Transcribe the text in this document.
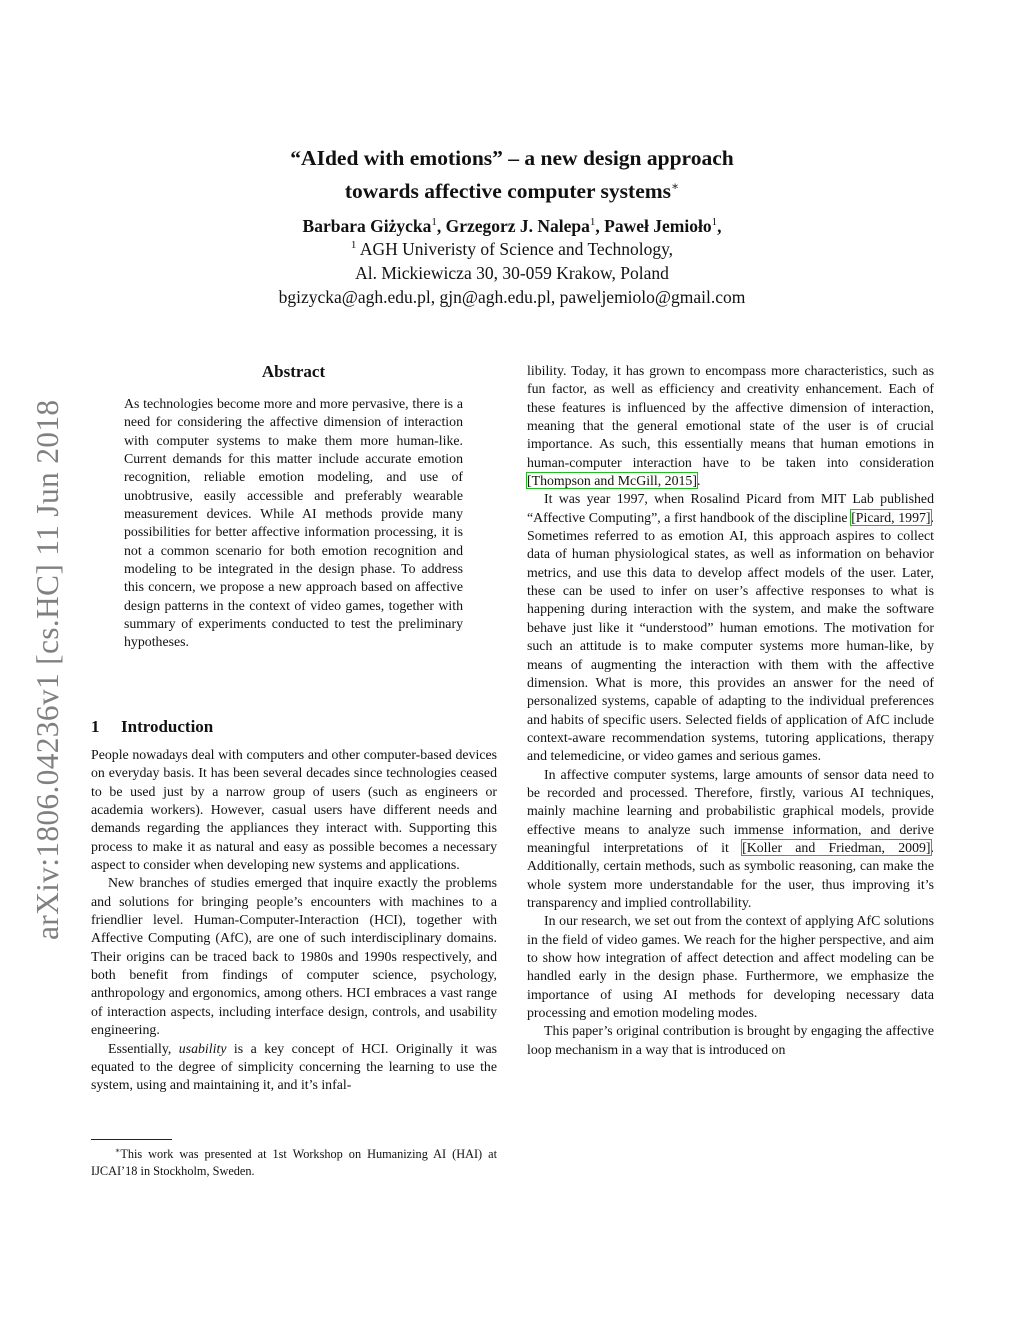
arXiv:1806.04236v1 [cs.HC] 11 Jun 2018
“AIded with emotions” – a new design approach
towards affective computer systems∗
Barbara Giżycka$^1$, Grzegorz J. Nalepa$^1$, Paweł Jemioło$^1$,
$^1$ AGH Univeristy of Science and Technology,
Al. Mickiewicza 30, 30-059 Krakow, Poland
bgizycka@agh.edu.pl, gjn@agh.edu.pl, paweljemiolo@gmail.com
Abstract
As technologies become more and more pervasive, there is a need for considering the affective dimension of interaction with computer systems to make them more human-like. Current demands for this matter include accurate emotion recognition, reliable emotion modeling, and use of unobtrusive, easily accessible and preferably wearable measurement devices. While AI methods provide many possibilities for better affective information processing, it is not a common scenario for both emotion recognition and modeling to be integrated in the design phase. To address this concern, we propose a new approach based on affective design patterns in the context of video games, together with summary of experiments conducted to test the preliminary hypotheses.
1 Introduction

People nowadays deal with computers and other computer-based devices on everyday basis. It has been several decades since technologies ceased to be used just by a narrow group of users (such as engineers or academia workers). However, casual users have different needs and demands regarding the appliances they interact with. Supporting this process to make it as natural and easy as possible becomes a necessary aspect to consider when developing new systems and applications.

New branches of studies emerged that inquire exactly the problems and solutions for bringing people’s encounters with machines to a friendlier level. Human-Computer-Interaction (HCI), together with Affective Computing (AfC), are one of such interdisciplinary domains. Their origins can be traced back to 1980s and 1990s respectively, and both benefit from findings of computer science, psychology, anthropology and ergonomics, among others. HCI embraces a vast range of interaction aspects, including interface design, controls, and usability engineering.

Essentially, usability is a key concept of HCI. Originally it was equated to the degree of simplicity concerning the learning to use the system, using and maintaining it, and it’s infal-

∗This work was presented at 1st Workshop on Humanizing AI (HAI) at IJCAI’18 in Stockholm, Sweden.

libility. Today, it has grown to encompass more characteristics, such as fun factor, as well as efficiency and creativity enhancement. Each of these features is influenced by the affective dimension of interaction, meaning that the general emotional state of the user is of crucial importance. As such, this essentially means that human emotions in human-computer interaction have to be taken into consideration [Thompson and McGill, 2015].

It was year 1997, when Rosalind Picard from MIT Lab published “Affective Computing”, a first handbook of the discipline [Picard, 1997]. Sometimes referred to as emotion AI, this approach aspires to collect data of human physiological states, as well as information on behavior metrics, and use this data to develop affect models of the user. Later, these can be used to infer on user’s affective responses to what is happening during interaction with the system, and make the software behave just like it “understood” human emotions. The motivation for such an attitude is to make computer systems more human-like, by means of augmenting the interaction with them with the affective dimension. What is more, this provides an answer for the need of personalized systems, capable of adapting to the individual preferences and habits of specific users. Selected fields of application of AfC include context-aware recommendation systems, tutoring applications, therapy and telemedicine, or video games and serious games.

In affective computer systems, large amounts of sensor data need to be recorded and processed. Therefore, firstly, various AI techniques, mainly machine learning and probabilistic graphical models, provide effective means to analyze such immense information, and derive meaningful interpretations of it [Koller and Friedman, 2009]. Additionally, certain methods, such as symbolic reasoning, can make the whole system more understandable for the user, thus improving it’s transparency and implied controllability.

In our research, we set out from the context of applying AfC solutions in the field of video games. We reach for the higher perspective, and aim to show how integration of affect detection and affect modeling can be handled early in the design phase. Furthermore, we emphasize the importance of using AI methods for developing necessary data processing and emotion modeling modes.

This paper’s original contribution is brought by engaging the affective loop mechanism in a way that is introduced on
